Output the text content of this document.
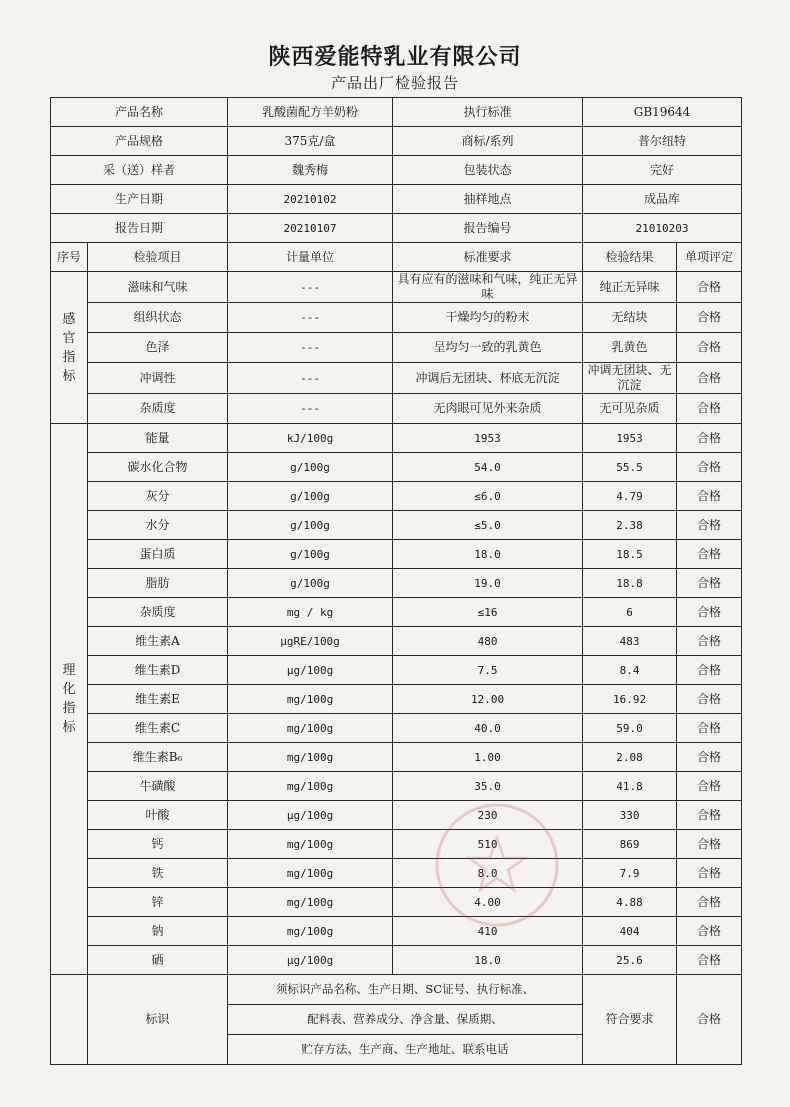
陕西爱能特乳业有限公司
产品出厂检验报告
产品名称		乳酸菌配方羊奶粉	执行标准	GB19644	
产品规格		375克/盒	商标/系列	普尔纽特	
采（送）样者		魏秀梅	包装状态	完好	
生产日期		20210102	抽样地点	成品库	
报告日期		20210107	报告编号	21010203	
序号	检验项目	计量单位	标准要求	检验结果	单项评定

感
官
指
标	滋味和气味	---	具有应有的滋味和气味，纯正无异味	纯正无异味	合格
	组织状态	---	干燥均匀的粉末	无结块	合格
	色泽	---	呈均匀一致的乳黄色	乳黄色	合格
	冲调性	---	冲调后无团块、杯底无沉淀	冲调无团块、无沉淀	合格
	杂质度	---	无肉眼可见外来杂质	无可见杂质	合格

理
化
指
标	能量	kJ/100g	1953	1953	合格
	碳水化合物	g/100g	54.0	55.5	合格
	灰分	g/100g	≤6.0	4.79	合格
	水分	g/100g	≤5.0	2.38	合格
	蛋白质	g/100g	18.0	18.5	合格
	脂肪	g/100g	19.0	18.8	合格
	杂质度	mg / kg	≤16	6	合格
	维生素A	μgRE/100g	480	483	合格
	维生素D	μg/100g	7.5	8.4	合格
	维生素E	mg/100g	12.00	16.92	合格
	维生素C	mg/100g	40.0	59.0	合格
	维生素B₆	mg/100g	1.00	2.08	合格
	牛磺酸	mg/100g	35.0	41.8	合格
	叶酸	μg/100g	230	330	合格
	钙	mg/100g	510	869	合格
	铁	mg/100g	8.0	7.9	合格
	锌	mg/100g	4.00	4.88	合格
	钠	mg/100g	410	404	合格
	硒	μg/100g	18.0	25.6	合格
	标识	须标识产品名称、生产日期、SC证号、执行标准、
配料表、营养成分、净含量、保质期、
贮存方法、生产商、生产地址、联系电话		符合要求	合格
